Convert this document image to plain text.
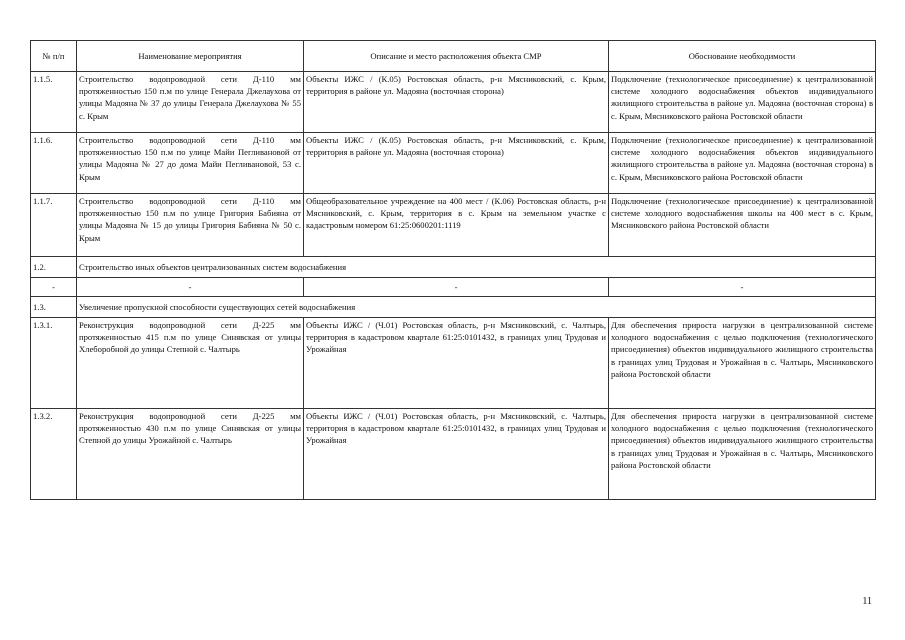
№ п/п	Наименование мероприятия	Описание и место расположения объекта СМР	Обоснование необходимости
1.1.5.	Строительство водопроводной сети Д-110 мм протяженностью 150 п.м по улице Генерала Джелаухова от улицы Мадояна № 37 до улицы Генерала Джелаухова № 55 с. Крым	Объекты ИЖС / (К.05) Ростовская область, р-н Мясниковский, с. Крым, территория в районе ул. Мадояна (восточная сторона)	Подключение (технологическое присоединение) к централизованной системе холодного водоснабжения объектов индивидуального жилищного строительства в районе ул. Мадояна (восточная сторона) в с. Крым, Мясниковского района Ростовской области
1.1.6.	Строительство водопроводной сети Д-110 мм протяженностью 150 п.м по улице Майи Пегливановой от улицы Мадояна № 27 до дома Майи Пегливановой, 53 с. Крым	Объекты ИЖС / (К.05) Ростовская область, р-н Мясниковский, с. Крым, территория в районе ул. Мадояна (восточная сторона)	Подключение (технологическое присоединение) к централизованной системе холодного водоснабжения объектов индивидуального жилищного строительства в районе ул. Мадояна (восточная сторона) в с. Крым, Мясниковского района Ростовской области
1.1.7.	Строительство водопроводной сети Д-110 мм протяженностью 150 п.м по улице Григория Бабияна от улицы Мадояна № 15 до улицы Григория Бабияна № 50 с. Крым	Общеобразовательное учреждение на 400 мест / (К.06) Ростовская область, р-н Мясниковский, с. Крым, территория в с. Крым на земельном участке с кадастровым номером 61:25:0600201:1119	Подключение (технологическое присоединение) к централизованной системе холодного водоснабжения школы на 400 мест в с. Крым, Мясниковского района Ростовской области
1.2.	Строительство иных объектов централизованных систем водоснабжения		
-	-	-	-
1.3.	Увеличение пропускной способности существующих сетей водоснабжения		
1.3.1.	Реконструкция водопроводной сети Д-225 мм протяженностью 415 п.м по улице Синявская от улицы Хлеборобной до улицы Степной с. Чалтырь	Объекты ИЖС / (Ч.01) Ростовская область, р-н Мясниковский, с. Чалтырь, территория в кадастровом квартале 61:25:0101432, в границах улиц Трудовая и Урожайная	Для обеспечения прироста нагрузки в централизованной системе холодного водоснабжения с целью подключения (технологического присоединения) объектов индивидуального жилищного строительства в границах улиц Трудовая и Урожайная в с. Чалтырь, Мясниковского района Ростовской области
1.3.2.	Реконструкция водопроводной сети Д-225 мм протяженностью 430 п.м по улице Синявская от улицы Степной до улицы Урожайной с. Чалтырь	Объекты ИЖС / (Ч.01) Ростовская область, р-н Мясниковский, с. Чалтырь, территория в кадастровом квартале 61:25:0101432, в границах улиц Трудовая и Урожайная	Для обеспечения прироста нагрузки в централизованной системе холодного водоснабжения с целью подключения (технологического присоединения) объектов индивидуального жилищного строительства в границах улиц Трудовая и Урожайная в с. Чалтырь, Мясниковского района Ростовской области
11
